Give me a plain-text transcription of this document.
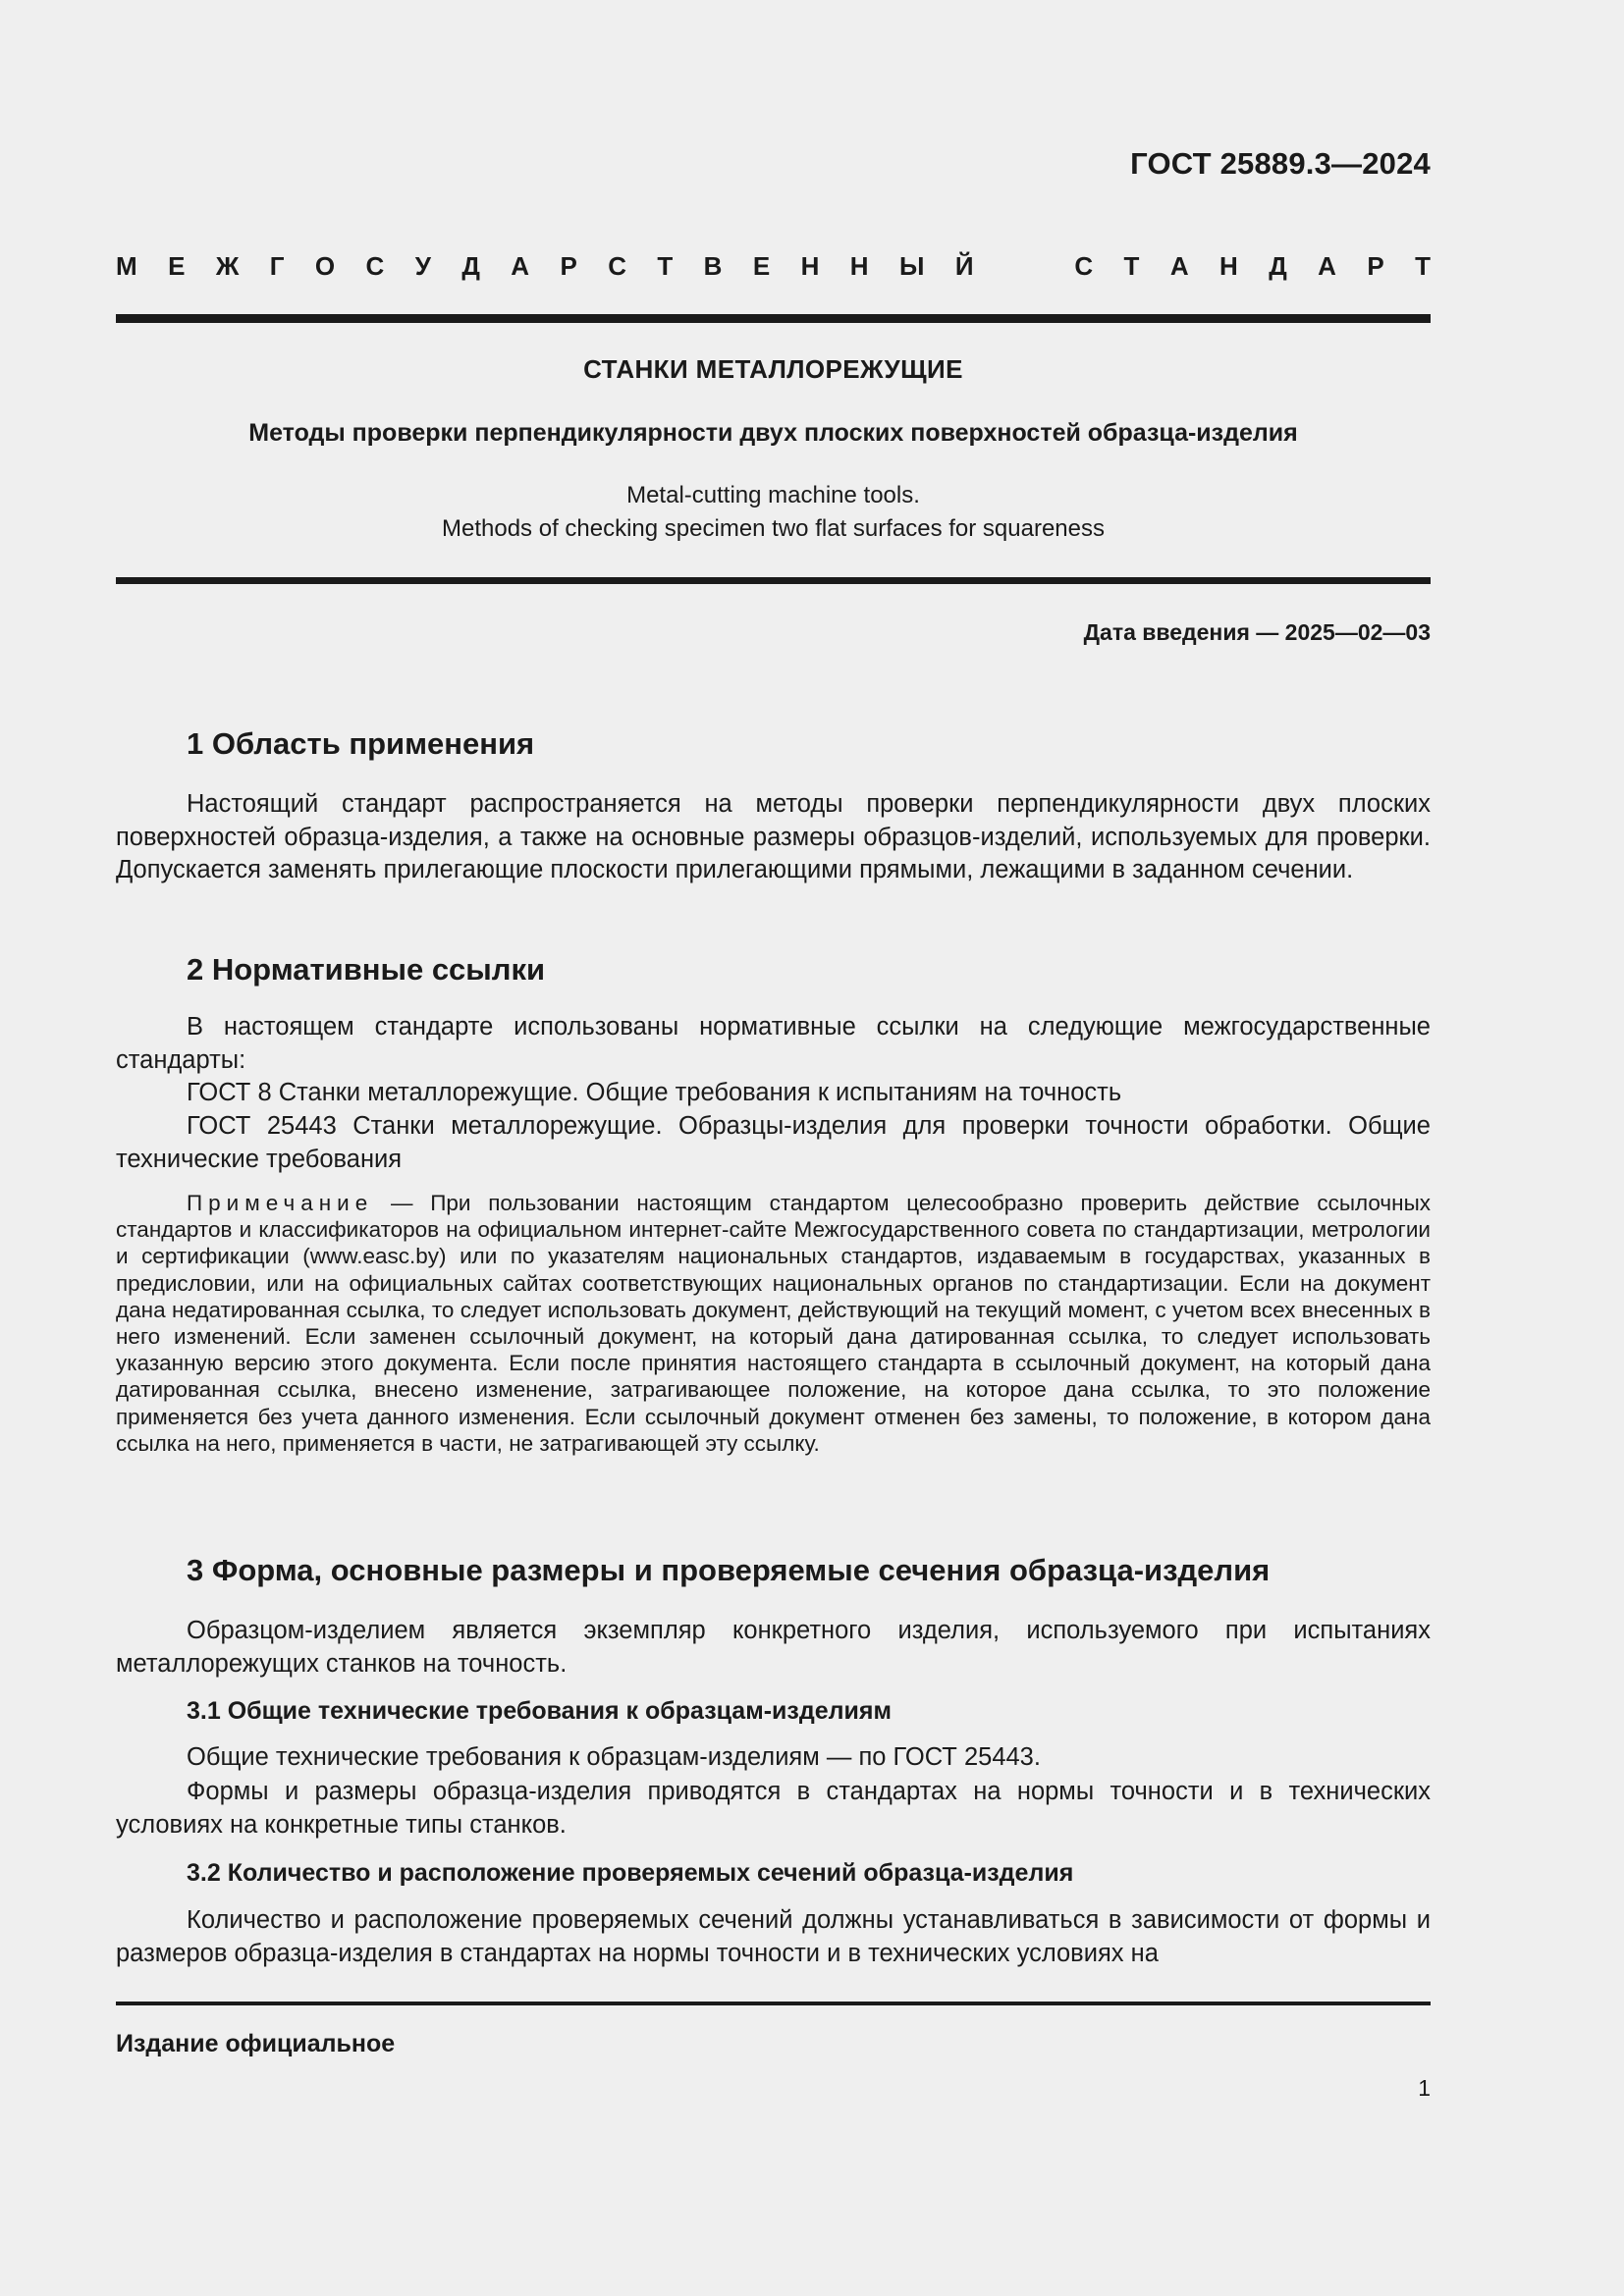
ГОСТ 25889.3—2024
М Е Ж Г О С У Д А Р С Т В Е Н Н Ы Й	С Т А Н Д А Р Т
СТАНКИ МЕТАЛЛОРЕЖУЩИЕ
Методы проверки перпендикулярности двух плоских поверхностей образца-изделия
Metal-cutting machine tools.
Methods of checking specimen two flat surfaces for squareness
Дата введения — 2025—02—03
1 Область применения

Настоящий стандарт распространяется на методы проверки перпендикулярности двух плоских поверхностей образца-изделия, а также на основные размеры образцов-изделий, используемых для проверки. Допускается заменять прилегающие плоскости прилегающими прямыми, лежащими в заданном сечении.

2 Нормативные ссылки

В настоящем стандарте использованы нормативные ссылки на следующие межгосударственные стандарты:

ГОСТ 8 Станки металлорежущие. Общие требования к испытаниям на точность

ГОСТ 25443 Станки металлорежущие. Образцы-изделия для проверки точности обработки. Общие технические требования

Примечание — При пользовании настоящим стандартом целесообразно проверить действие ссылочных стандартов и классификаторов на официальном интернет-сайте Межгосударственного совета по стандартизации, метрологии и сертификации (www.easc.by) или по указателям национальных стандартов, издаваемым в государствах, указанных в предисловии, или на официальных сайтах соответствующих национальных органов по стандартизации. Если на документ дана недатированная ссылка, то следует использовать документ, действующий на текущий момент, с учетом всех внесенных в него изменений. Если заменен ссылочный документ, на который дана датированная ссылка, то следует использовать указанную версию этого документа. Если после принятия настоящего стандарта в ссылочный документ, на который дана датированная ссылка, внесено изменение, затрагивающее положение, на которое дана ссылка, то это положение применяется без учета данного изменения. Если ссылочный документ отменен без замены, то положение, в котором дана ссылка на него, применяется в части, не затрагивающей эту ссылку.

3 Форма, основные размеры и проверяемые сечения образца-изделия

Образцом-изделием является экземпляр конкретного изделия, используемого при испытаниях металлорежущих станков на точность.

3.1 Общие технические требования к образцам-изделиям

Общие технические требования к образцам-изделиям — по ГОСТ 25443.

Формы и размеры образца-изделия приводятся в стандартах на нормы точности и в технических условиях на конкретные типы станков.

3.2 Количество и расположение проверяемых сечений образца-изделия

Количество и расположение проверяемых сечений должны устанавливаться в зависимости от формы и размеров образца-изделия в стандартах на нормы точности и в технических условиях на

Издание официальное
1
